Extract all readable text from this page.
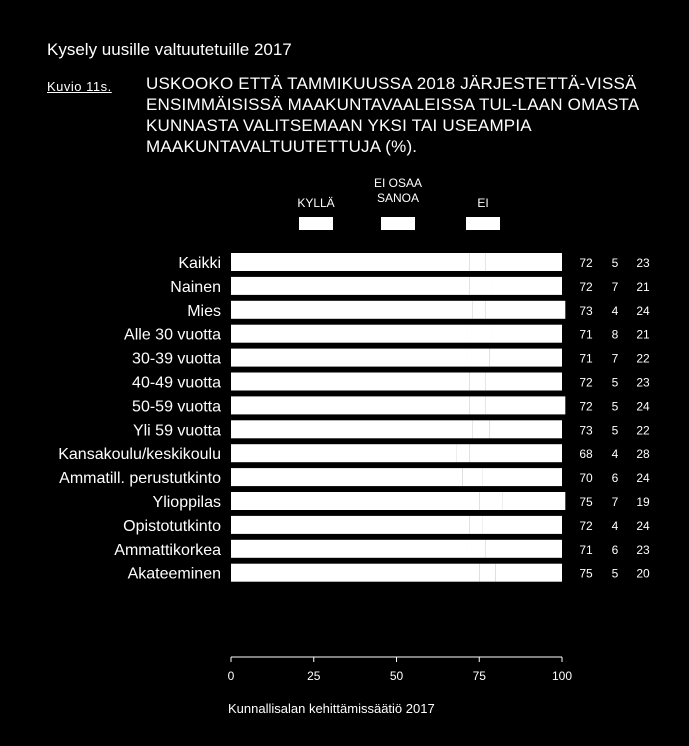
Kysely uusille valtuutetuille 2017
Kuvio 11s. USKOOKO ETTÄ TAMMIKUUSSA 2018 JÄRJESTETTÄ-VISSÄ ENSIMMÄISISSÄ MAAKUNTAVAALEISSA TUL-LAAN OMASTA KUNNASTA VALITSEMAAN YKSI TAI USEAMPIA MAAKUNTAVALTUUTETTUJA (%).
KYLLÄ
EI OSAA
SANOA	EI
Kaikki	72 5 23
Nainen	72 7 21
Mies	73 4 24
Alle 30 vuotta	71 8 21
30-39 vuotta	71 7 22
40-49 vuotta	72 5 23
50-59 vuotta	72 5 24
Yli 59 vuotta	73 5 22
Kansakoulu/keskikoulu	68 4 28
Ammatill. perustutkinto	70 6 24
Ylioppilas	75 7 19
Opistotutkinto	72 4 24
Ammattikorkea	71 6 23
Akateeminen	75 5 20
0	25	50	75	100
Kunnallisalan kehittämissäätiö 2017
